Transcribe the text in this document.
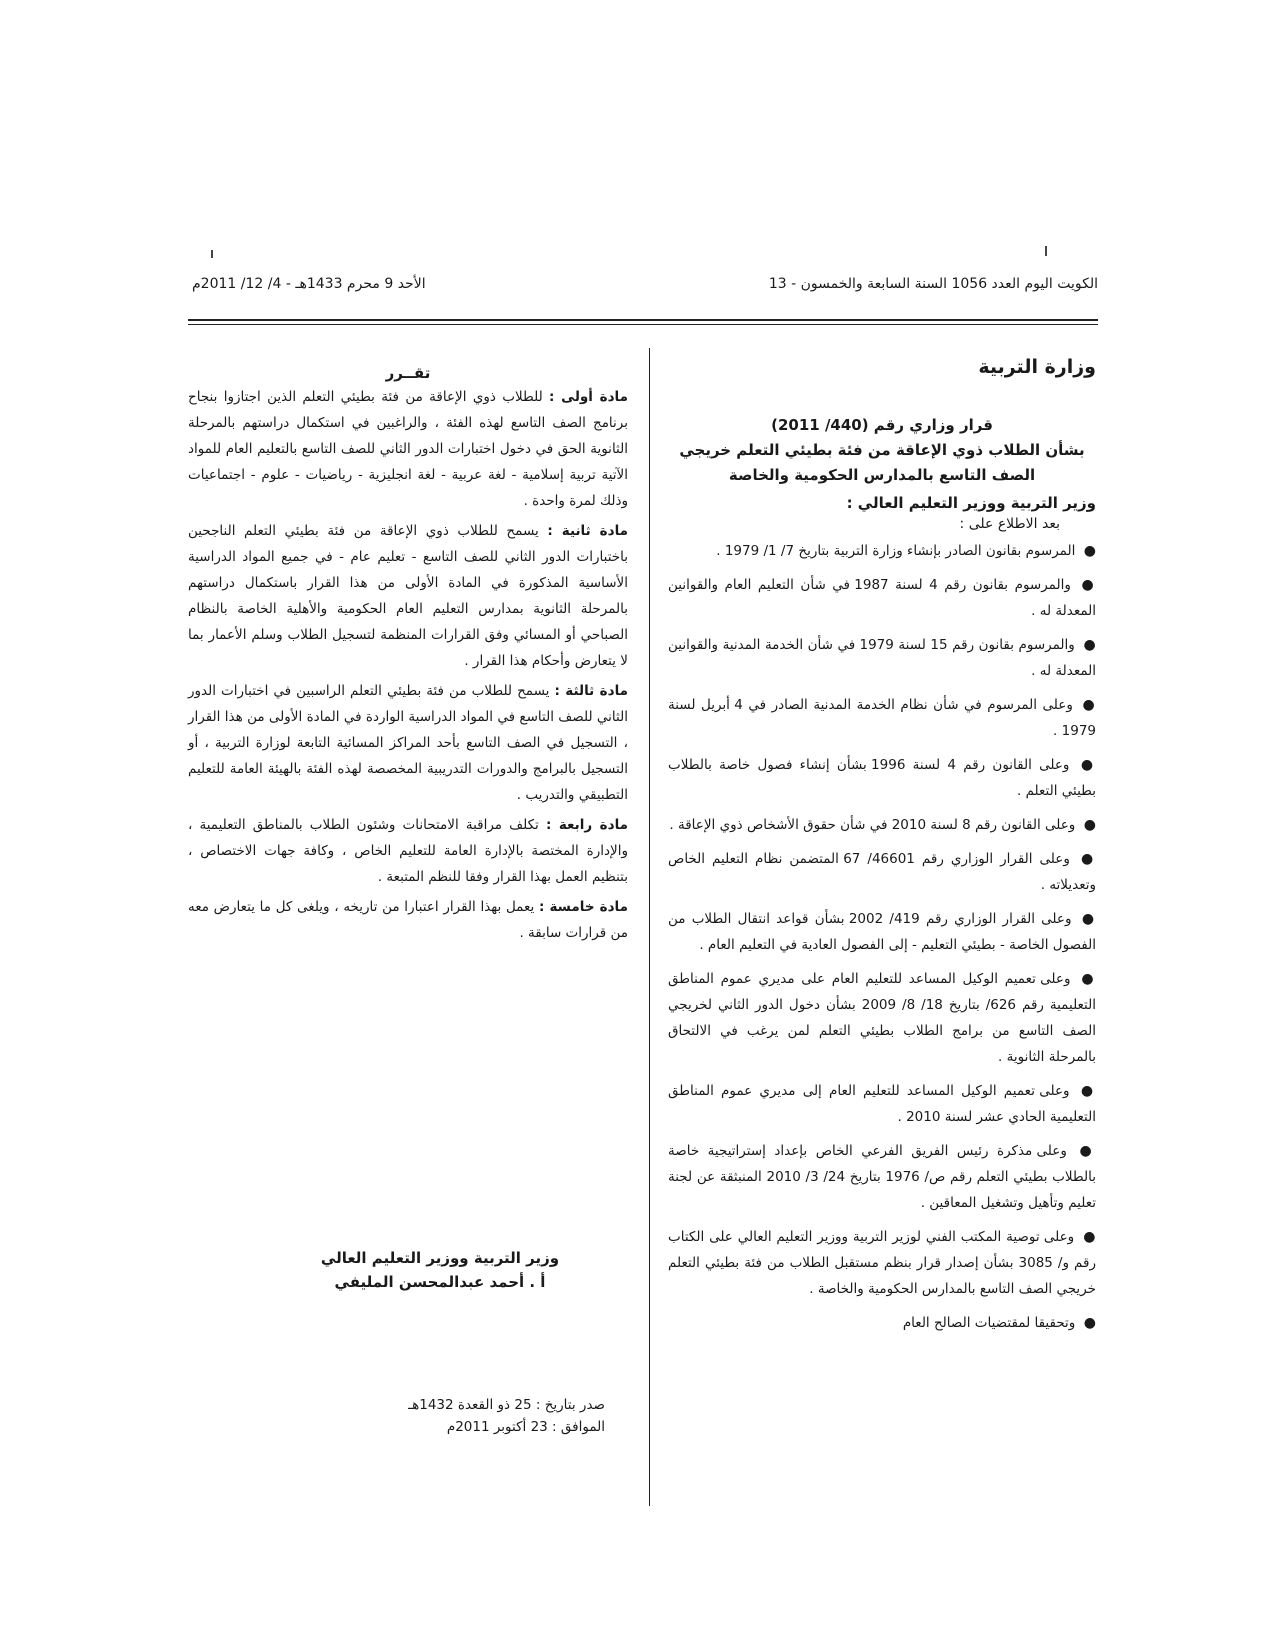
الكويت اليوم العدد 1056 السنة السابعة والخمسون - 13
الأحد 9 محرم 1433هـ - 4/ 12/ 2011م
وزارة التربية
قرار وزاري رقم (440/ 2011)
بشأن الطلاب ذوي الإعاقة من فئة بطيئي التعلم خريجي الصف التاسع بالمدارس الحكومية والخاصة
وزير التربية ووزير التعليم العالي :
بعد الاطلاع على :
● المرسوم بقانون الصادر بإنشاء وزارة التربية بتاريخ 7/ 1/ 1979 .
● والمرسوم بقانون رقم 4 لسنة 1987 في شأن التعليم العام والقوانين المعدلة له .
● والمرسوم بقانون رقم 15 لسنة 1979 في شأن الخدمة المدنية والقوانين المعدلة له .
● وعلى المرسوم في شأن نظام الخدمة المدنية الصادر في 4 أبريل لسنة 1979 .
● وعلى القانون رقم 4 لسنة 1996 بشأن إنشاء فصول خاصة بالطلاب بطيئي التعلم .
● وعلى القانون رقم 8 لسنة 2010 في شأن حقوق الأشخاص ذوي الإعاقة .
● وعلى القرار الوزاري رقم 46601/ 67 المتضمن نظام التعليم الخاص وتعديلاته .
● وعلى القرار الوزاري رقم 419/ 2002 بشأن قواعد انتقال الطلاب من الفصول الخاصة - بطيئي التعليم - إلى الفصول العادية في التعليم العام .
● وعلى تعميم الوكيل المساعد للتعليم العام على مديري عموم المناطق التعليمية رقم 626/ بتاريخ 18/ 8/ 2009 بشأن دخول الدور الثاني لخريجي الصف التاسع من برامج الطلاب بطيئي التعلم لمن يرغب في الالتحاق بالمرحلة الثانوية .
● وعلى تعميم الوكيل المساعد للتعليم العام إلى مديري عموم المناطق التعليمية الحادي عشر لسنة 2010 .
● وعلى مذكرة رئيس الفريق الفرعي الخاص بإعداد إستراتيجية خاصة بالطلاب بطيئي التعلم رقم ص/ 1976 بتاريخ 24/ 3/ 2010 المنبثقة عن لجنة تعليم وتأهيل وتشغيل المعاقين .
● وعلى توصية المكتب الفني لوزير التربية ووزير التعليم العالي على الكتاب رقم و/ 3085 بشأن إصدار قرار بنظم مستقبل الطلاب من فئة بطيئي التعلم خريجي الصف التاسع بالمدارس الحكومية والخاصة .
● وتحقيقا لمقتضيات الصالح العام
تقــرر
مادة أولى : للطلاب ذوي الإعاقة من فئة بطيئي التعلم الذين اجتازوا بنجاح برنامج الصف التاسع لهذه الفئة ، والراغبين في استكمال دراستهم بالمرحلة الثانوية الحق في دخول اختبارات الدور الثاني للصف التاسع بالتعليم العام للمواد الآتية تربية إسلامية - لغة عربية - لغة انجليزية - رياضيات - علوم - اجتماعيات وذلك لمرة واحدة .
مادة ثانية : يسمح للطلاب ذوي الإعاقة من فئة بطيئي التعلم الناجحين باختبارات الدور الثاني للصف التاسع - تعليم عام - في جميع المواد الدراسية الأساسية المذكورة في المادة الأولى من هذا القرار باستكمال دراستهم بالمرحلة الثانوية بمدارس التعليم العام الحكومية والأهلية الخاصة بالنظام الصباحي أو المسائي وفق القرارات المنظمة لتسجيل الطلاب وسلم الأعمار بما لا يتعارض وأحكام هذا القرار .
مادة ثالثة : يسمح للطلاب من فئة بطيئي التعلم الراسبين في اختبارات الدور الثاني للصف التاسع في المواد الدراسية الواردة في المادة الأولى من هذا القرار ، التسجيل في الصف التاسع بأحد المراكز المسائية التابعة لوزارة التربية ، أو التسجيل بالبرامج والدورات التدريبية المخصصة لهذه الفئة بالهيئة العامة للتعليم التطبيقي والتدريب .
مادة رابعة : تكلف مراقبة الامتحانات وشئون الطلاب بالمناطق التعليمية ، والإدارة المختصة بالإدارة العامة للتعليم الخاص ، وكافة جهات الاختصاص ، بتنظيم العمل بهذا القرار وفقا للنظم المتبعة .
مادة خامسة : يعمل بهذا القرار اعتبارا من تاريخه ، ويلغى كل ما يتعارض معه من قرارات سابقة .
وزير التربية ووزير التعليم العالي
أ . أحمد عبدالمحسن المليفي
صدر بتاريخ : 25 ذو القعدة 1432هـ
الموافق : 23 أكتوبر 2011م
